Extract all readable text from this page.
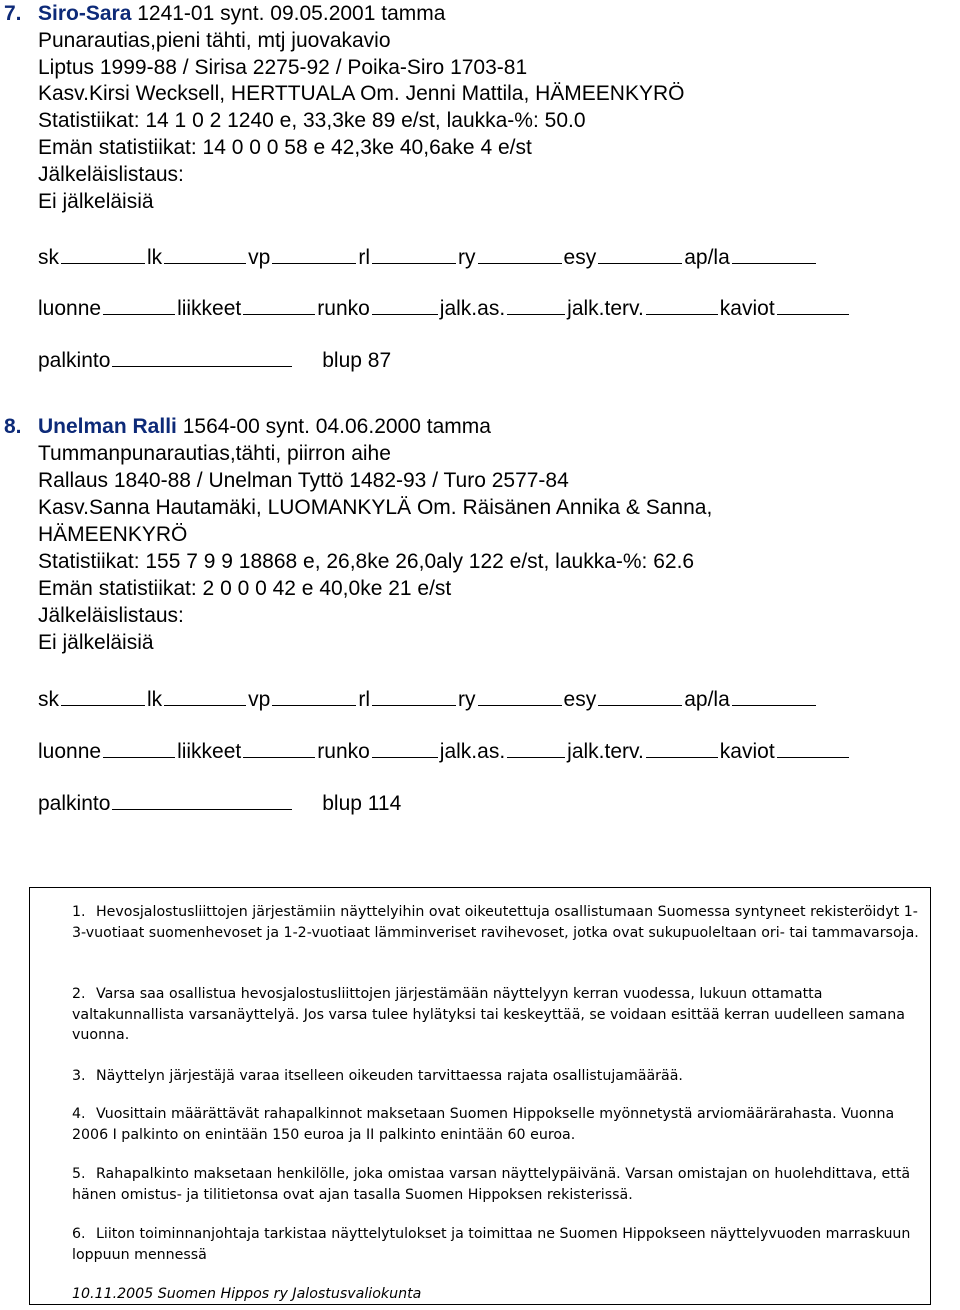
7. Siro-Sara 1241-01 synt. 09.05.2001 tamma
Punarautias,pieni tähti, mtj juovakavio
Liptus 1999-88 / Sirisa 2275-92 / Poika-Siro 1703-81
Kasv.Kirsi Wecksell, HERTTUALA Om. Jenni Mattila, HÄMEENKYRÖ
Statistiikat: 14 1 0 2 1240 e, 33,3ke 89 e/st, laukka-%: 50.0
Emän statistiikat: 14 0 0 0 58 e 42,3ke 40,6ake 4 e/st
Jälkeläislistaus:
Ei jälkeläisiä
sk	lk	vp	rl	ry	esy	ap/la
luonne	liikkeet	runko	jalk.as.	jalk.terv.	kaviot
palkinto	blup 87
8. Unelman Ralli 1564-00 synt. 04.06.2000 tamma
Tummanpunarautias,tähti, piirron aihe
Rallaus 1840-88 / Unelman Tyttö 1482-93 / Turo 2577-84
Kasv.Sanna Hautamäki, LUOMANKYLÄ Om. Räisänen Annika & Sanna,
HÄMEENKYRÖ
Statistiikat: 155 7 9 9 18868 e, 26,8ke 26,0aly 122 e/st, laukka-%: 62.6
Emän statistiikat: 2 0 0 0 42 e 40,0ke 21 e/st
Jälkeläislistaus:
Ei jälkeläisiä
sk	lk	vp	rl	ry	esy	ap/la
luonne	liikkeet	runko	jalk.as.	jalk.terv.	kaviot
palkinto	blup 114
1. Hevosjalostusliittojen järjestämiin näyttelyihin ovat oikeutettuja osallistumaan Suomessa syntyneet rekisteröidyt 1-3-vuotiaat suomenhevoset ja 1-2-vuotiaat lämminveriset ravihevoset, jotka ovat sukupuoleltaan ori- tai tammavarsoja.
2. Varsa saa osallistua hevosjalostusliittojen järjestämään näyttelyyn kerran vuodessa, lukuun ottamatta valtakunnallista varsanäyttelyä. Jos varsa tulee hylätyksi tai keskeyttää, se voidaan esittää kerran uudelleen samana vuonna.
3. Näyttelyn järjestäjä varaa itselleen oikeuden tarvittaessa rajata osallistujamäärää.
4. Vuosittain määrättävät rahapalkinnot maksetaan Suomen Hippokselle myönnetystä arviomäärärahasta. Vuonna 2006 I palkinto on enintään 150 euroa ja II palkinto enintään 60 euroa.
5. Rahapalkinto maksetaan henkilölle, joka omistaa varsan näyttelypäivänä. Varsan omistajan on huolehdittava, että hänen omistus- ja tilitietonsa ovat ajan tasalla Suomen Hippoksen rekisterissä.
6. Liiton toiminnanjohtaja tarkistaa näyttelytulokset ja toimittaa ne Suomen Hippokseen näyttelyvuoden marraskuun loppuun mennessä
10.11.2005 Suomen Hippos ry Jalostusvaliokunta
